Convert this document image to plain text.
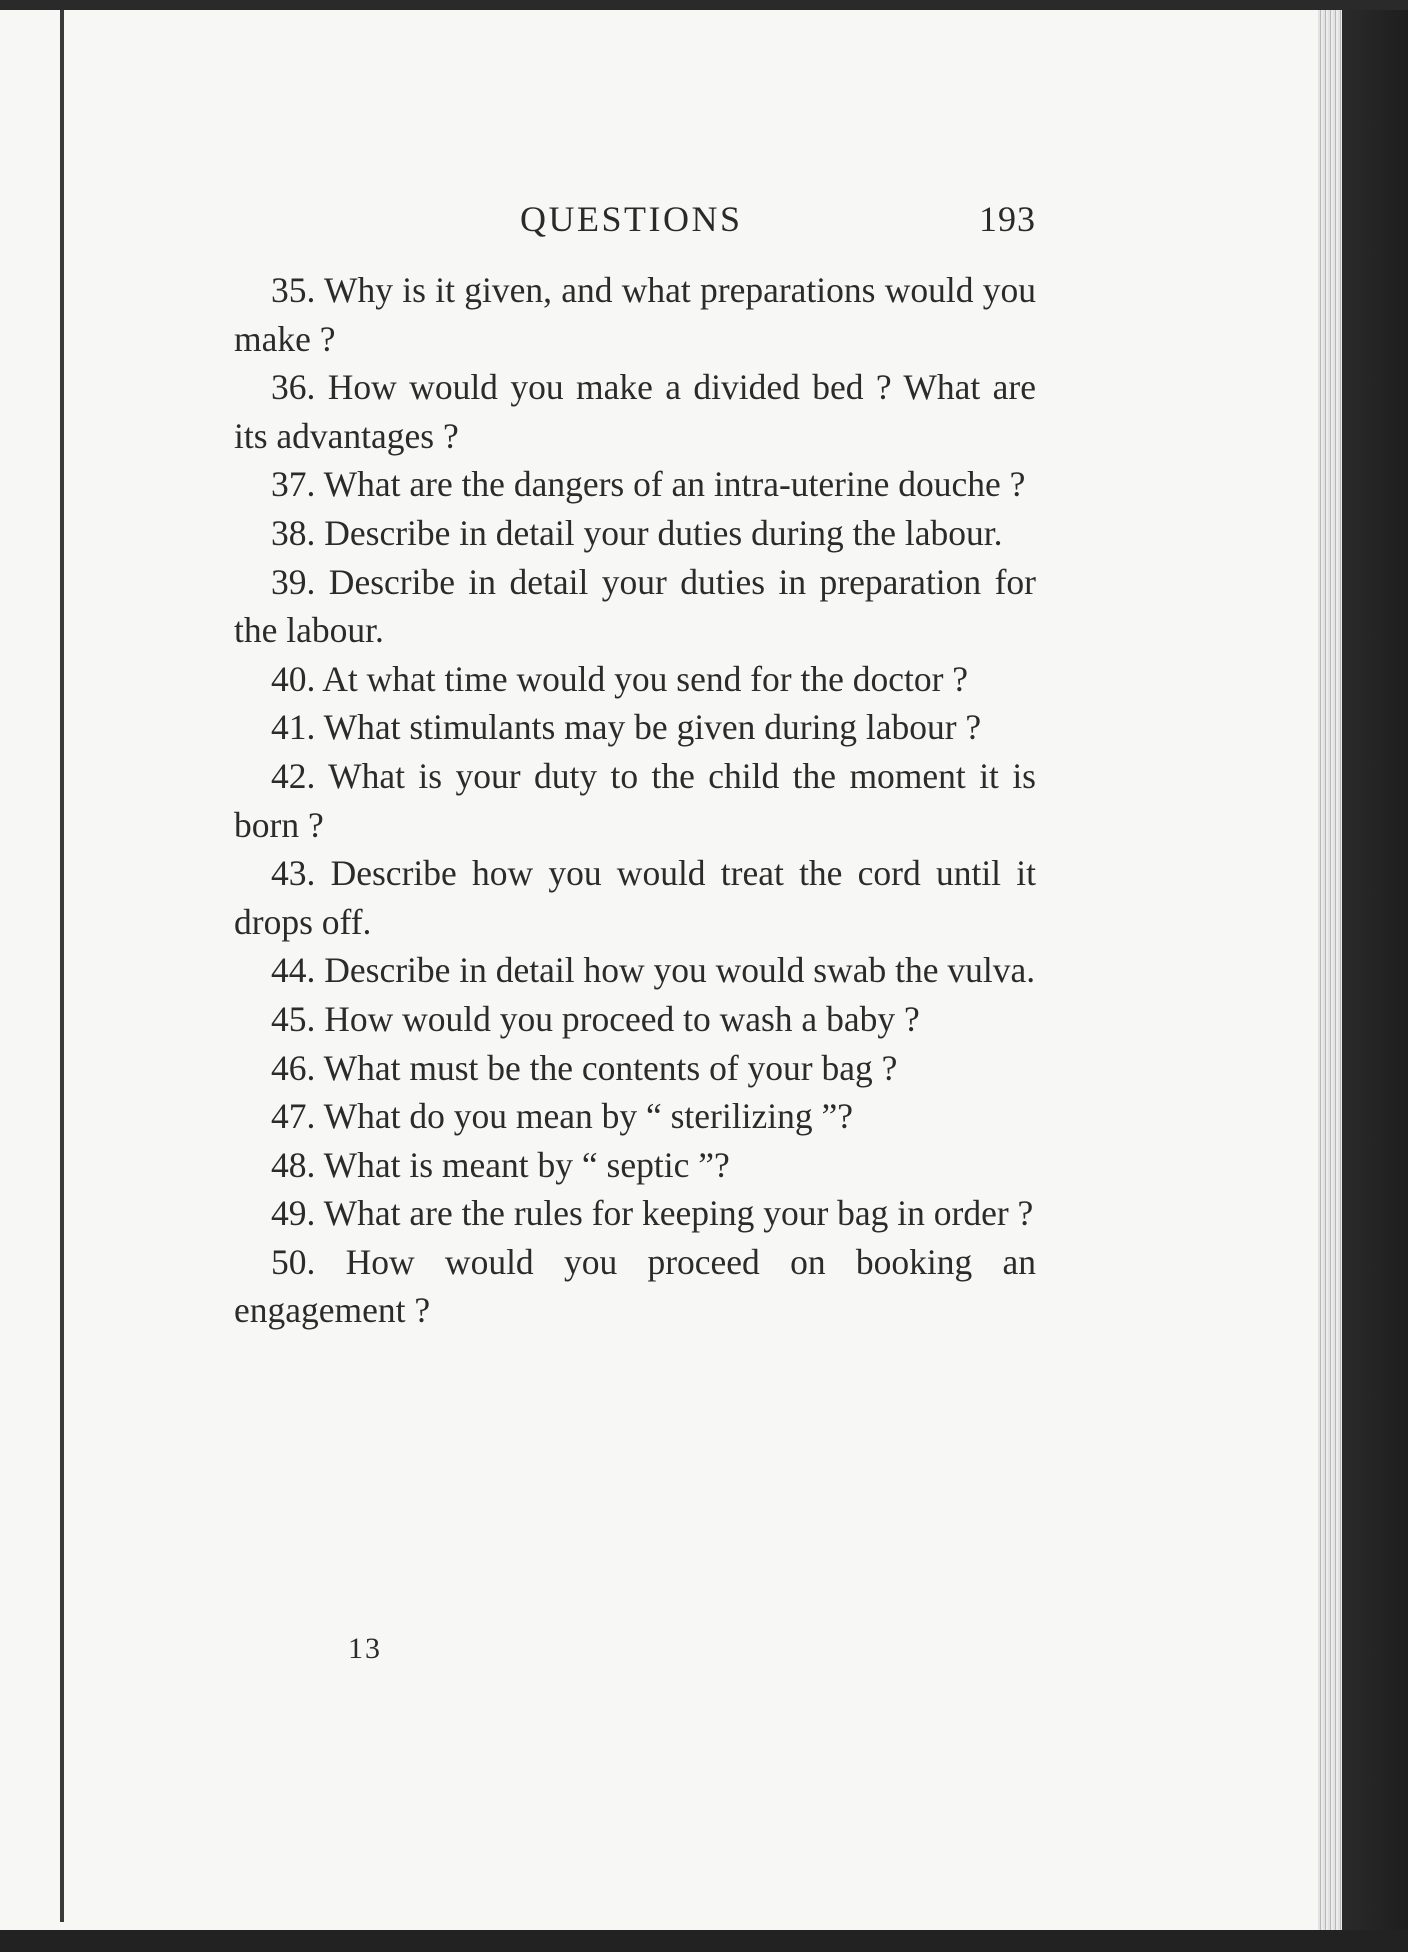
QUESTIONS	193
35. Why is it given, and what preparations would you make ?
36. How would you make a divided bed ? What are its advantages ?
37. What are the dangers of an intra-uterine douche ?
38. Describe in detail your duties during the labour.
39. Describe in detail your duties in preparation for the labour.
40. At what time would you send for the doctor ?
41. What stimulants may be given during labour ?
42. What is your duty to the child the moment it is born ?
43. Describe how you would treat the cord until it drops off.
44. Describe in detail how you would swab the vulva.
45. How would you proceed to wash a baby ?
46. What must be the contents of your bag ?
47. What do you mean by “ sterilizing ”?
48. What is meant by “ septic ”?
49. What are the rules for keeping your bag in order ?
50. How would you proceed on booking an engagement ?
13
